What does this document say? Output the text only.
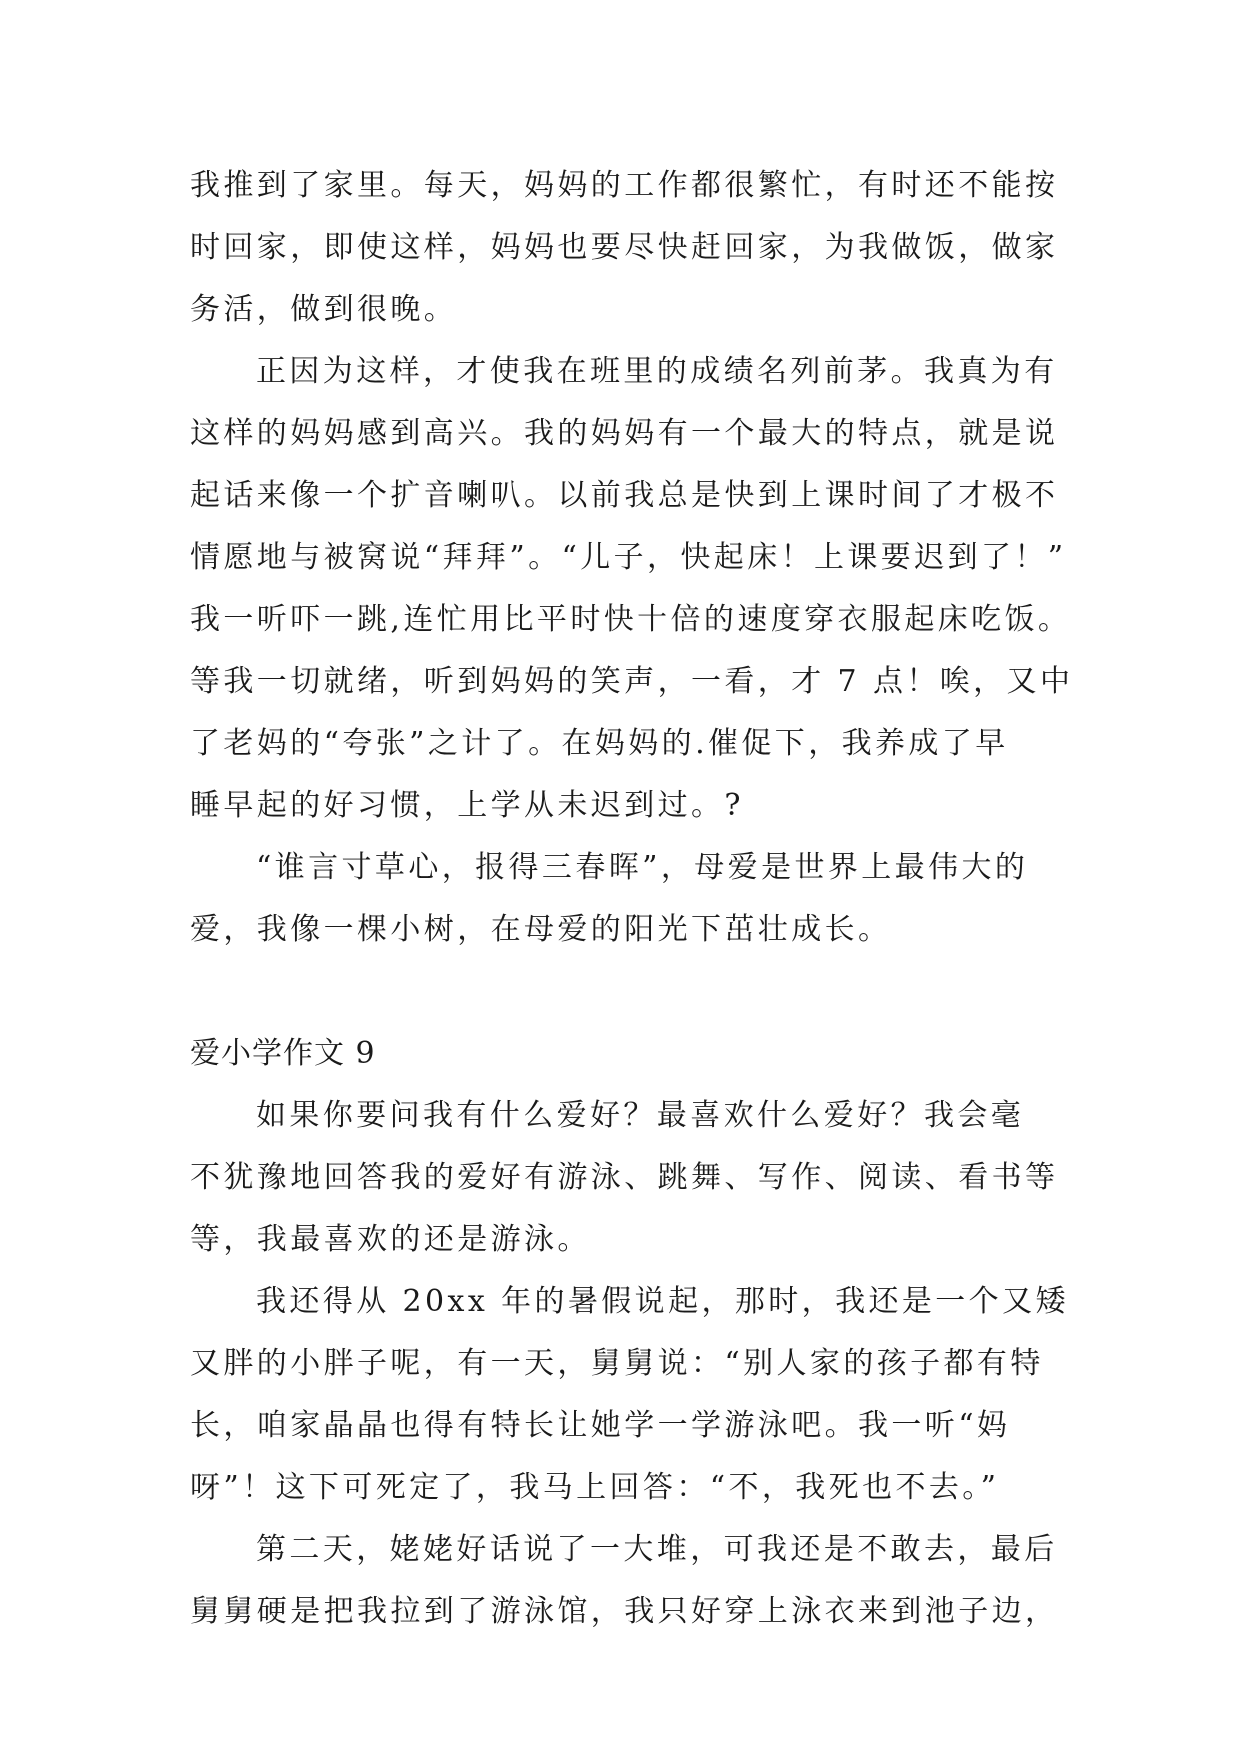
我推到了家里。每天，妈妈的工作都很繁忙，有时还不能按
时回家，即使这样，妈妈也要尽快赶回家，为我做饭，做家
务活，做到很晚。
正因为这样，才使我在班里的成绩名列前茅。我真为有
这样的妈妈感到高兴。我的妈妈有一个最大的特点，就是说
起话来像一个扩音喇叭。以前我总是快到上课时间了才极不
情愿地与被窝说“拜拜”。“儿子，快起床！上课要迟到了！”
我一听吓一跳,连忙用比平时快十倍的速度穿衣服起床吃饭。
等我一切就绪，听到妈妈的笑声，一看，才 7 点！唉，又中
了老妈的“夸张”之计了。在妈妈的.催促下，我养成了早
睡早起的好习惯，上学从未迟到过。?
“谁言寸草心，报得三春晖”，母爱是世界上最伟大的
爱，我像一棵小树，在母爱的阳光下茁壮成长。
爱小学作文 9
如果你要问我有什么爱好？最喜欢什么爱好？我会毫
不犹豫地回答我的爱好有游泳、跳舞、写作、阅读、看书等
等，我最喜欢的还是游泳。
我还得从 20xx 年的暑假说起，那时，我还是一个又矮
又胖的小胖子呢，有一天，舅舅说：“别人家的孩子都有特
长，咱家晶晶也得有特长让她学一学游泳吧。我一听“妈
呀”！这下可死定了，我马上回答：“不，我死也不去。”
第二天，姥姥好话说了一大堆，可我还是不敢去，最后
舅舅硬是把我拉到了游泳馆，我只好穿上泳衣来到池子边，
